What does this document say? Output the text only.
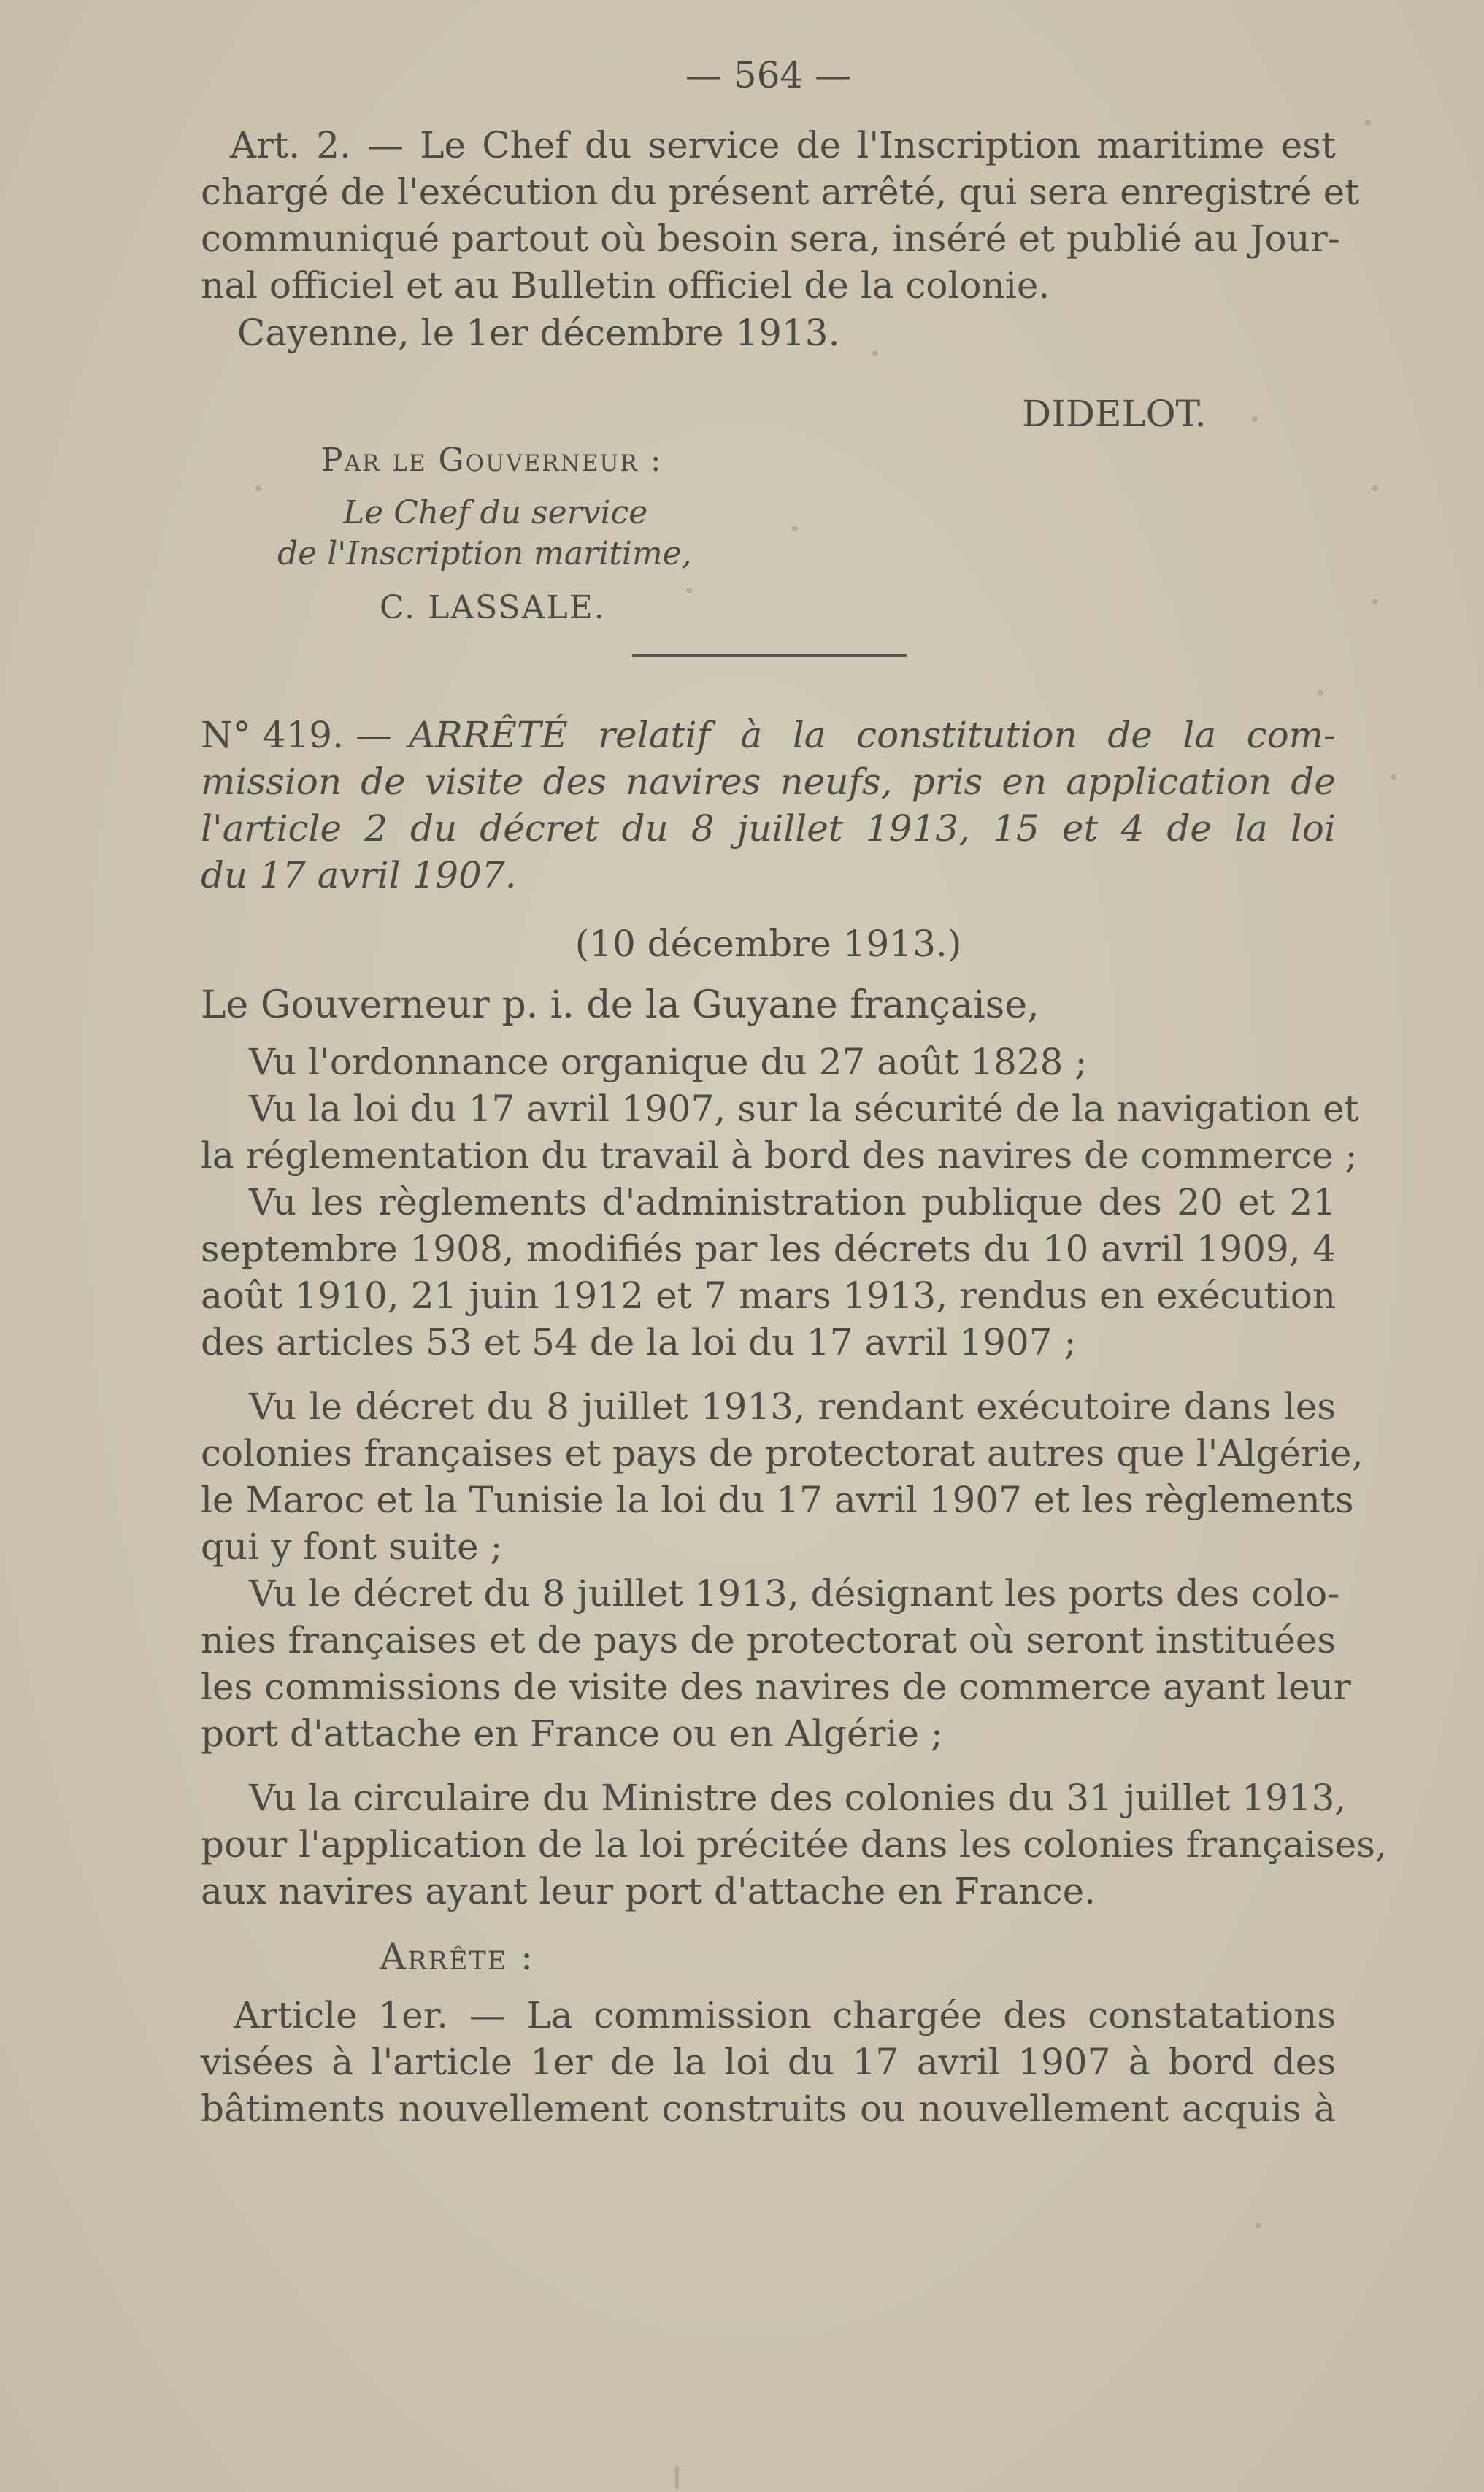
— 564 —
Art. 2. — Le Chef du service de l'Inscription maritime est
chargé de l'exécution du présent arrêté, qui sera enregistré et
communiqué partout où besoin sera, inséré et publié au Jour-
nal officiel et au Bulletin officiel de la colonie.
Cayenne, le 1er décembre 1913.
DIDELOT.
Par le Gouverneur :
Le Chef du service
de l'Inscription maritime,
C. LASSALE.
N° 419. — ARRÊTÉ relatif à la constitution de la com-
mission de visite des navires neufs, pris en application de
l'article 2 du décret du 8 juillet 1913, 15 et 4 de la loi
du 17 avril 1907.
(10 décembre 1913.)
Le Gouverneur p. i. de la Guyane française,
Vu l'ordonnance organique du 27 août 1828 ;
Vu la loi du 17 avril 1907, sur la sécurité de la navigation et
la réglementation du travail à bord des navires de commerce ;
Vu les règlements d'administration publique des 20 et 21
septembre 1908, modifiés par les décrets du 10 avril 1909, 4
août 1910, 21 juin 1912 et 7 mars 1913, rendus en exécution
des articles 53 et 54 de la loi du 17 avril 1907 ;
Vu le décret du 8 juillet 1913, rendant exécutoire dans les
colonies françaises et pays de protectorat autres que l'Algérie,
le Maroc et la Tunisie la loi du 17 avril 1907 et les règlements
qui y font suite ;
Vu le décret du 8 juillet 1913, désignant les ports des colo-
nies françaises et de pays de protectorat où seront instituées
les commissions de visite des navires de commerce ayant leur
port d'attache en France ou en Algérie ;
Vu la circulaire du Ministre des colonies du 31 juillet 1913,
pour l'application de la loi précitée dans les colonies françaises,
aux navires ayant leur port d'attache en France.
Arrête :
Article 1er. — La commission chargée des constatations
visées à l'article 1er de la loi du 17 avril 1907 à bord des
bâtiments nouvellement construits ou nouvellement acquis à
